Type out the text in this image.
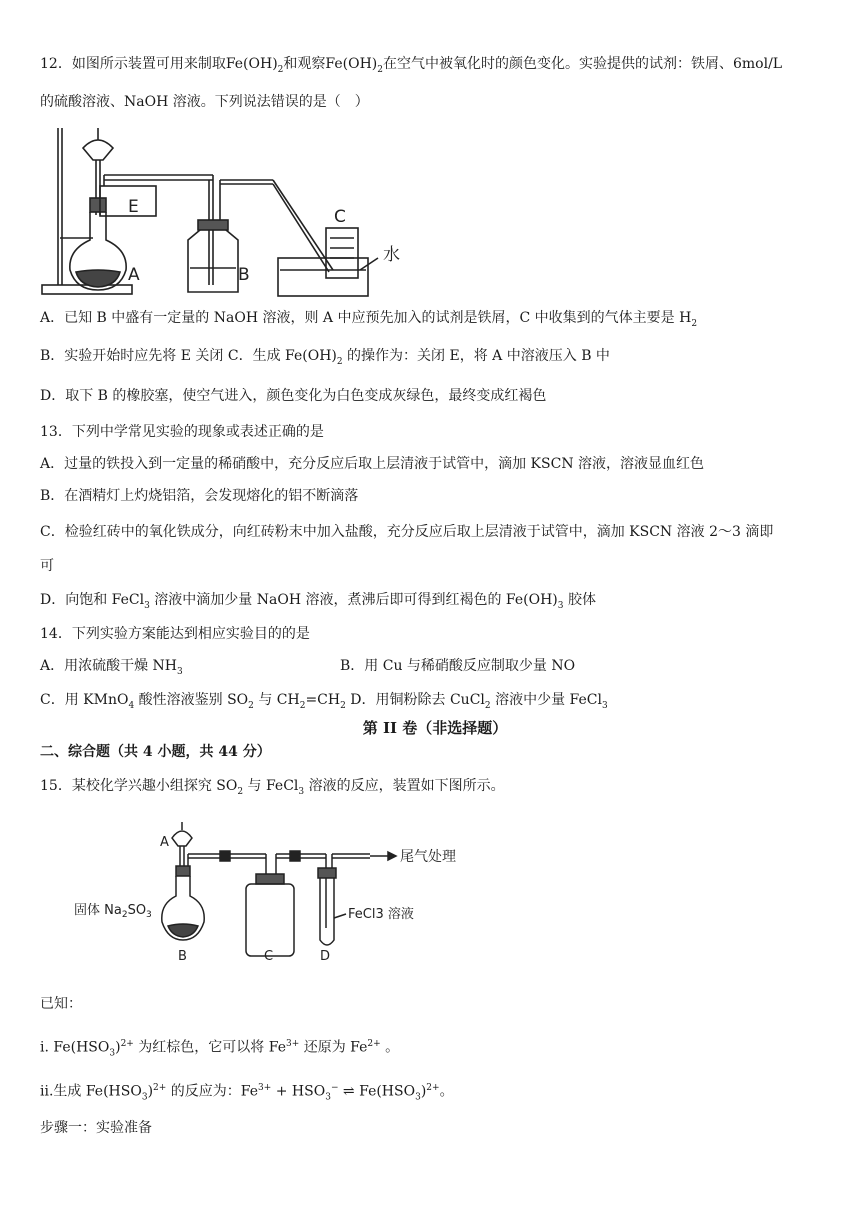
12．如图所示装置可用来制取$Fe(OH)_2$和观察$Fe(OH)_2$在空气中被氧化时的颜色变化。实验提供的试剂：铁屑、6mol/L
的硫酸溶液、NaOH 溶液。下列说法错误的是（　）
E
A	B
C
水
A．已知 B 中盛有一定量的 NaOH 溶液，则 A 中应预先加入的试剂是铁屑，C 中收集到的气体主要是 $H_2$
B．实验开始时应先将 E 关闭 C．生成 $Fe(OH)_2$ 的操作为：关闭 E，将 A 中溶液压入 B 中
D．取下 B 的橡胶塞，使空气进入，颜色变化为白色变成灰绿色，最终变成红褐色
13．下列中学常见实验的现象或表述正确的是
A．过量的铁投入到一定量的稀硝酸中，充分反应后取上层清液于试管中，滴加 KSCN 溶液，溶液显血红色
B．在酒精灯上灼烧铝箔，会发现熔化的铝不断滴落
C．检验红砖中的氧化铁成分，向红砖粉末中加入盐酸，充分反应后取上层清液于试管中，滴加 KSCN 溶液 2～3 滴即
可
D．向饱和 FeCl$_3$ 溶液中滴加少量 NaOH 溶液，煮沸后即可得到红褐色的 $Fe(OH)_3$ 胶体
14．下列实验方案能达到相应实验目的的是
A．用浓硫酸干燥 $NH_3$	B．用 Cu 与稀硝酸反应制取少量 NO
C．用 KMnO$_4$ 酸性溶液鉴别 $SO_2$ 与 $CH_2=CH_2$ D．用铜粉除去 CuCl$_2$ 溶液中少量 FeCl$_3$
第 II 卷（非选择题）
二、综合题（共 4 小题，共 44 分）
15．某校化学兴趣小组探究 $SO_2$ 与 FeCl$_3$ 溶液的反应，装置如下图所示。
A
B	C	D
尾气处理
FeCl3 溶液
固体 $Na_2SO_3$
已知：
ⅰ. $Fe(HSO_3)^{2+}$ 为红棕色，它可以将 $Fe^{3+}$ 还原为 $Fe^{2+}$ 。
ⅱ.生成 $Fe(HSO_3)^{2+}$ 的反应为：$Fe^{3+} + HSO_3^-$ ⇌ $Fe(HSO_3)^{2+}$。
步骤一：实验准备
